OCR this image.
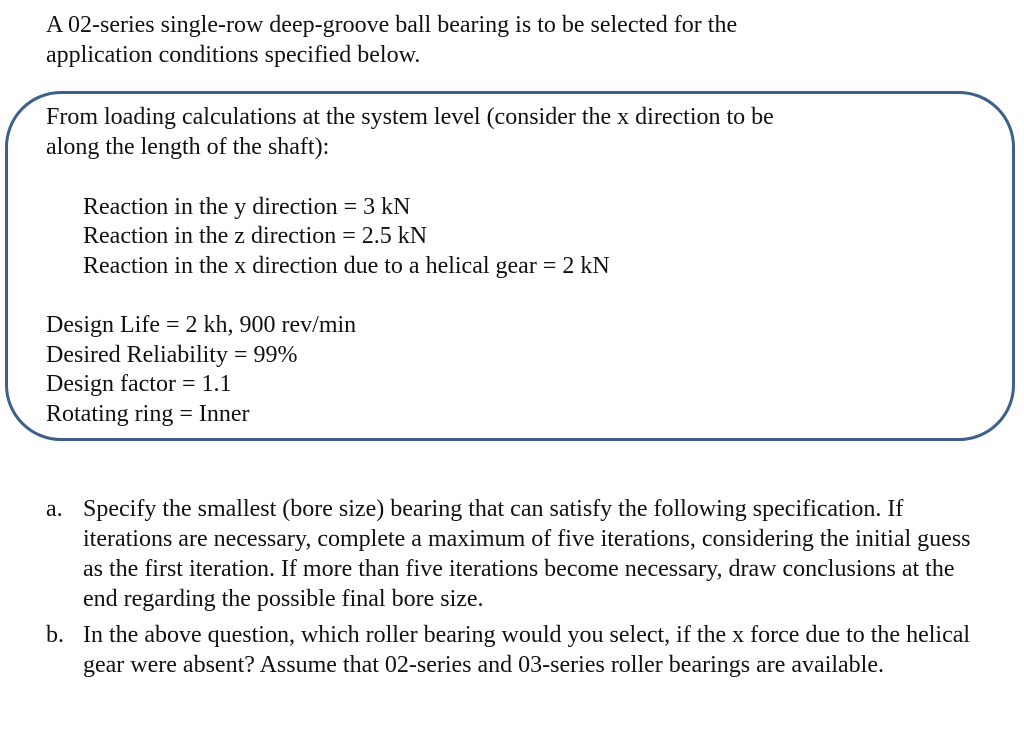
A 02-series single-row deep-groove ball bearing is to be selected for the
application conditions specified below.
From loading calculations at the system level (consider the x direction to be
along the length of the shaft):
Reaction in the y direction = 3 kN
Reaction in the z direction = 2.5 kN
Reaction in the x direction due to a helical gear = 2 kN
Design Life = 2 kh, 900 rev/min
Desired Reliability = 99%
Design factor = 1.1
Rotating ring = Inner
a. Specify the smallest (bore size) bearing that can satisfy the following specification. If iterations are necessary, complete a maximum of five iterations, considering the initial guess as the first iteration. If more than five iterations become necessary, draw conclusions at the end regarding the possible final bore size.

b. In the above question, which roller bearing would you select, if the x force due to the helical gear were absent? Assume that 02-series and 03-series roller bearings are available.
